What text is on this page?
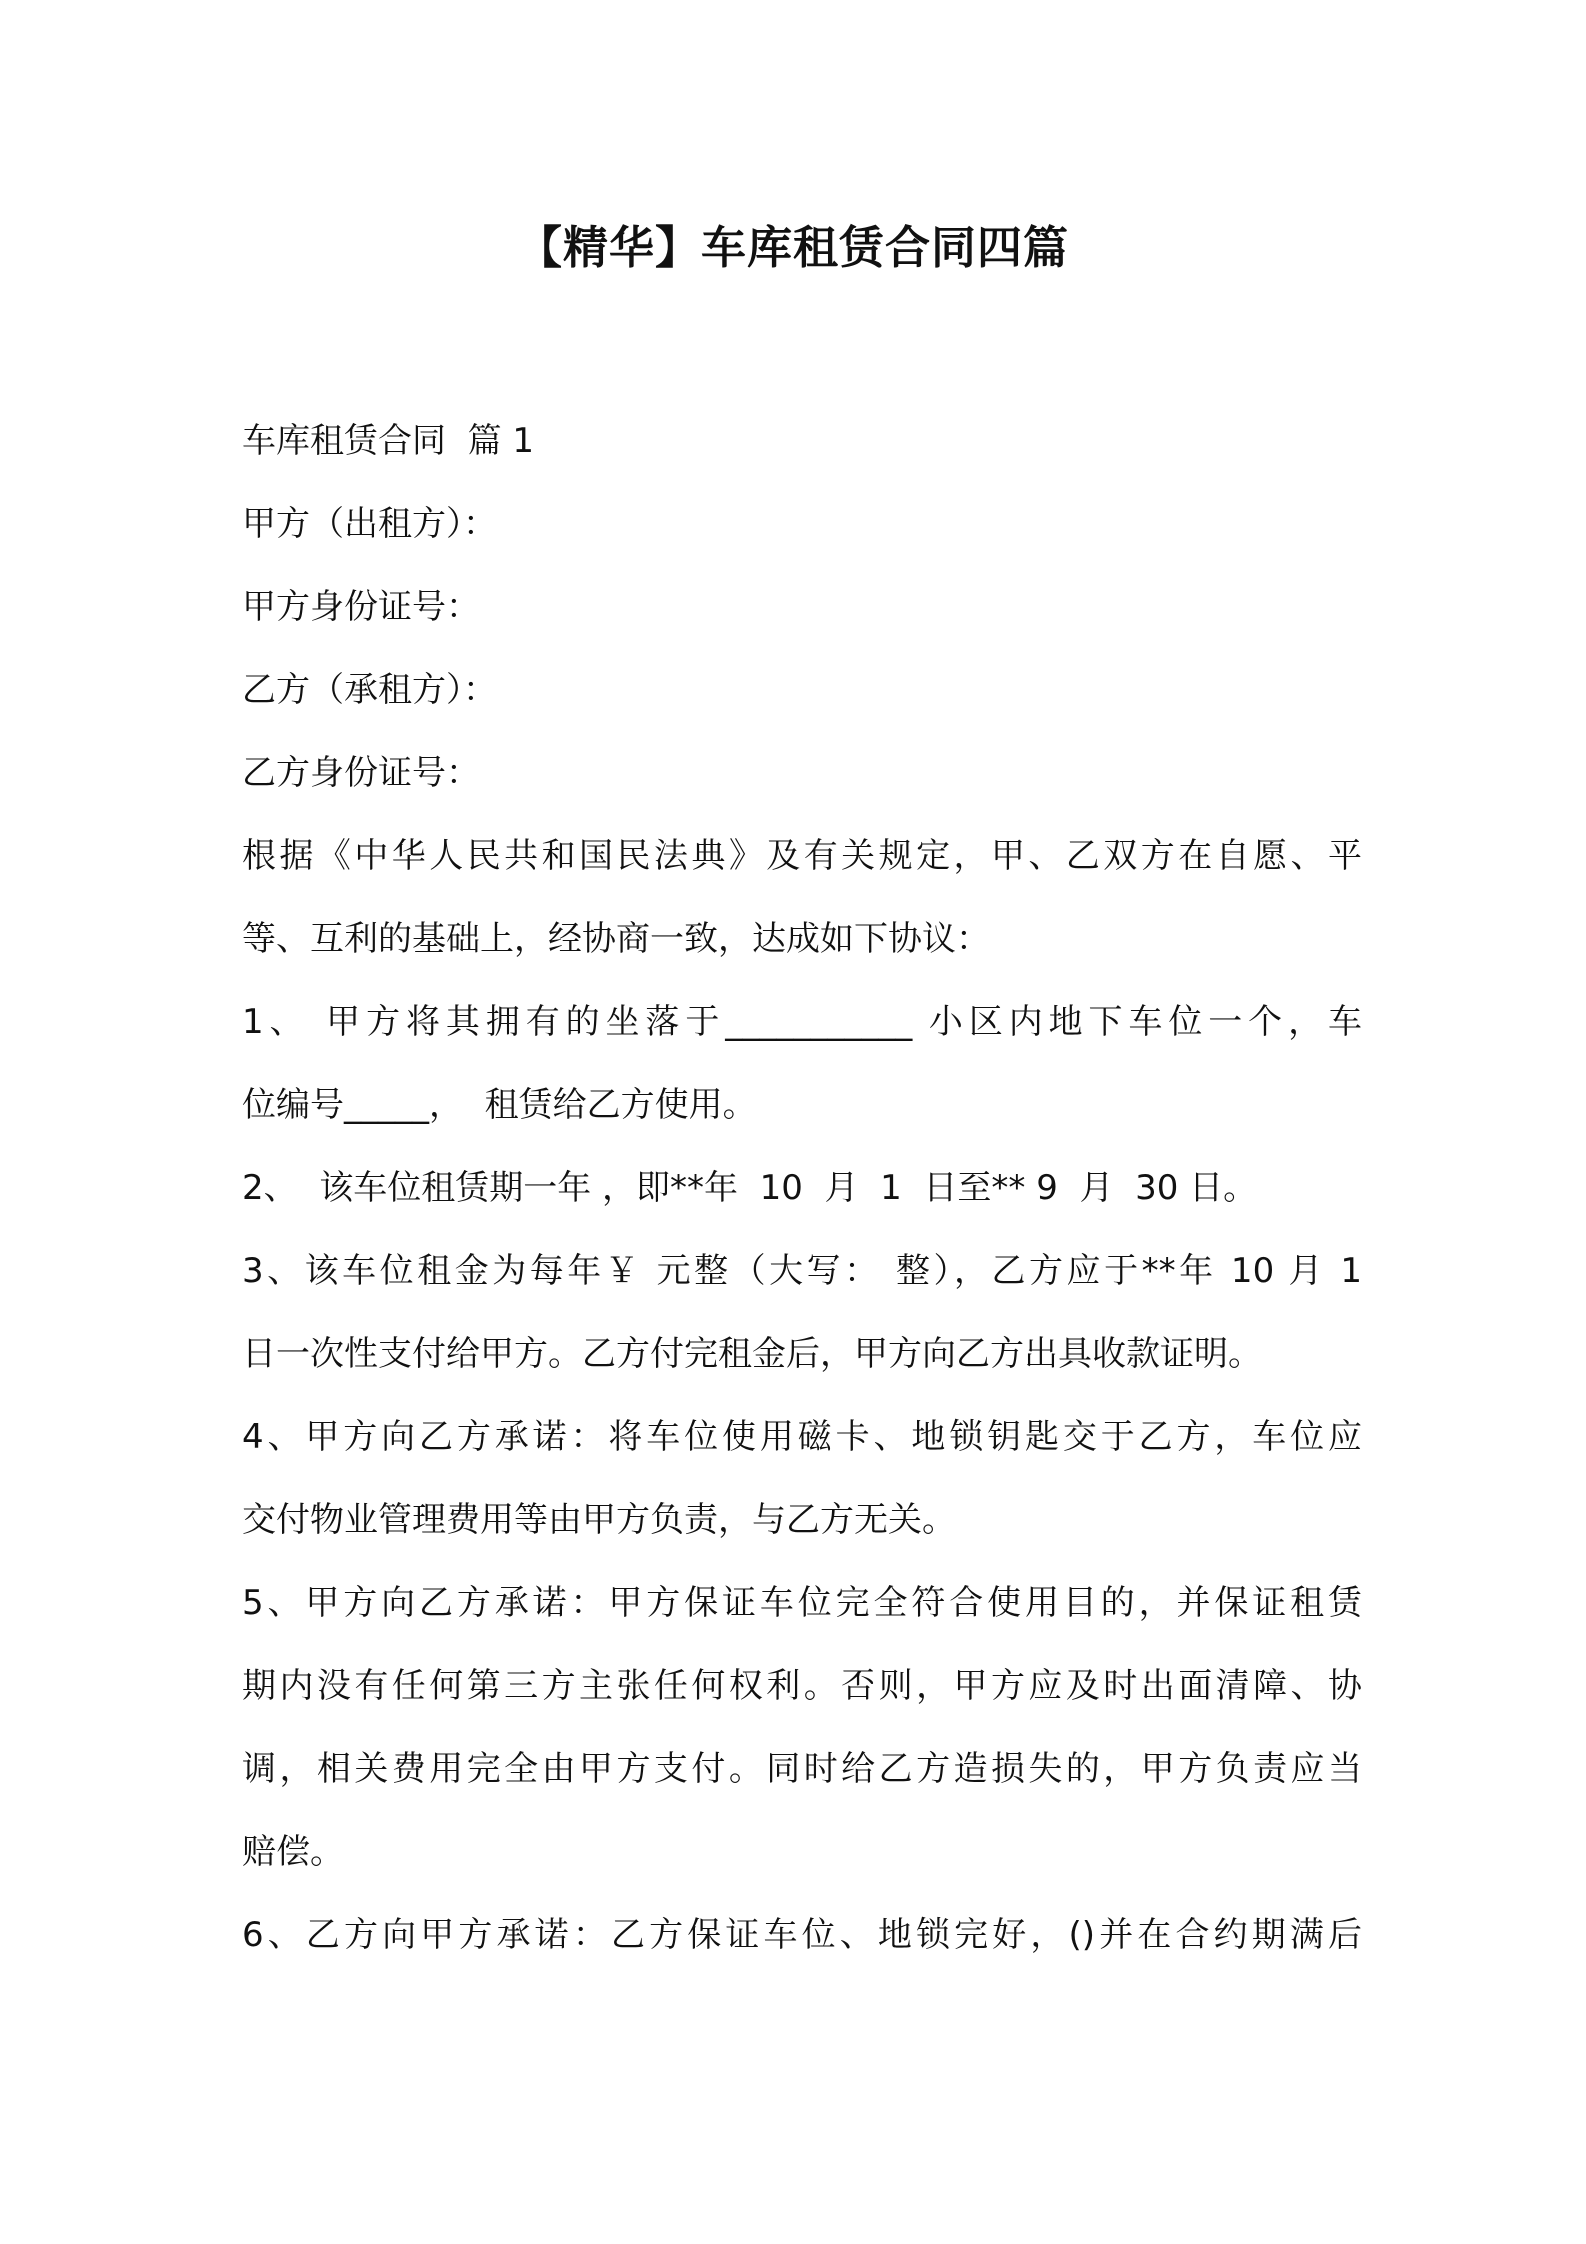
【精华】车库租赁合同四篇

车库租赁合同  篇 1

甲方（出租方）：

甲方身份证号：

乙方（承租方）：

乙方身份证号：

根据《中华人民共和国民法典》及有关规定，甲、乙双方在自愿、平

等、互利的基础上，经协商一致，达成如下协议：

1、 甲方将其拥有的坐落于___________ 小区内地下车位一个，车

位编号_____，  租赁给乙方使用。

2、  该车位租赁期一年 ，即**年  10  月  1  日至** 9  月  30 日。

3、该车位租金为每年￥ 元整（大写： 整），乙方应于**年 10 月 1

日一次性支付给甲方。乙方付完租金后，甲方向乙方出具收款证明。

4、甲方向乙方承诺：将车位使用磁卡、地锁钥匙交于乙方，车位应

交付物业管理费用等由甲方负责，与乙方无关。

5、甲方向乙方承诺：甲方保证车位完全符合使用目的，并保证租赁

期内没有任何第三方主张任何权利。否则，甲方应及时出面清障、协

调，相关费用完全由甲方支付。同时给乙方造损失的，甲方负责应当

赔偿。

6、乙方向甲方承诺：乙方保证车位、地锁完好，()并在合约期满后
